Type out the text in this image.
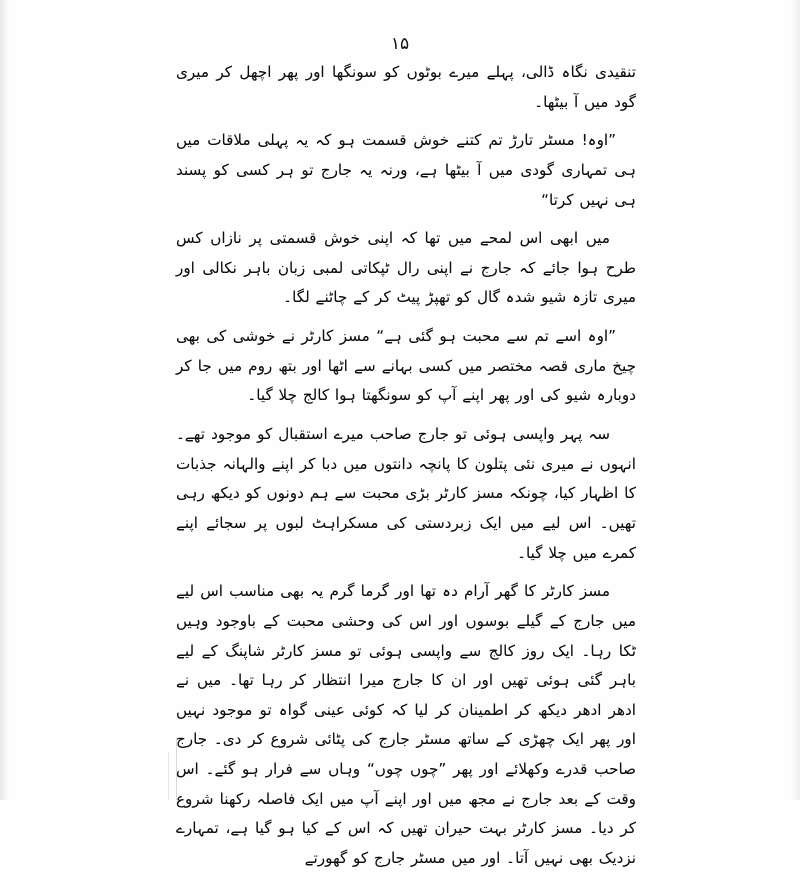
۱۵

تنقیدی نگاہ ڈالی، پہلے میرے بوٹوں کو سونگھا اور پھر اچھل کر میری گود میں آ بیٹھا۔

”اوہ! مسٹر تارڑ تم کتنے خوش قسمت ہو کہ یہ پہلی ملاقات میں ہی تمہاری گودی میں آ بیٹھا ہے، ورنہ یہ جارج تو ہر کسی کو پسند ہی نہیں کرتا“

میں ابھی اس لمحے میں تھا کہ اپنی خوش قسمتی پر نازاں کس طرح ہوا جائے کہ جارج نے اپنی رال ٹپکاتی لمبی زبان باہر نکالی اور میری تازہ شیو شدہ گال کو تھپڑ پیٹ کر کے چاٹنے لگا۔

”اوہ اسے تم سے محبت ہو گئی ہے“ مسز کارٹر نے خوشی کی بھی چیخ ماری قصہ مختصر میں کسی بہانے سے اٹھا اور بتھ روم میں جا کر دوبارہ شیو کی اور پھر اپنے آپ کو سونگھتا ہوا کالج چلا گیا۔

سہ پہر واپسی ہوئی تو جارج صاحب میرے استقبال کو موجود تھے۔ انہوں نے میری نئی پتلون کا پانچہ دانتوں میں دبا کر اپنے والہانہ جذبات کا اظہار کیا، چونکہ مسز کارٹر بڑی محبت سے ہم دونوں کو دیکھ رہی تھیں۔ اس لیے میں ایک زبردستی کی مسکراہٹ لبوں پر سجائے اپنے کمرے میں چلا گیا۔

مسز کارٹر کا گھر آرام دہ تھا اور گرما گرم یہ بھی مناسب اس لیے میں جارج کے گیلے بوسوں اور اس کی وحشی محبت کے باوجود وہیں ٹکا رہا۔ ایک روز کالج سے واپسی ہوئی تو مسز کارٹر شاپنگ کے لیے باہر گئی ہوئی تھیں اور ان کا جارج میرا انتظار کر رہا تھا۔ میں نے ادھر ادھر دیکھ کر اطمینان کر لیا کہ کوئی عینی گواہ تو موجود نہیں اور پھر ایک چھڑی کے ساتھ مسٹر جارج کی پٹائی شروع کر دی۔ جارج صاحب قدرے وکھلائے اور پھر ”چوں چوں“ وہاں سے فرار ہو گئے۔ اس وقت کے بعد جارج نے مجھ میں اور اپنے آپ میں ایک فاصلہ رکھنا شروع کر دیا۔ مسز کارٹر بہت حیران تھیں کہ اس کے کیا ہو گیا ہے، تمہارے نزدیک بھی نہیں آتا۔ اور میں مسٹر جارج کو گھورتے
